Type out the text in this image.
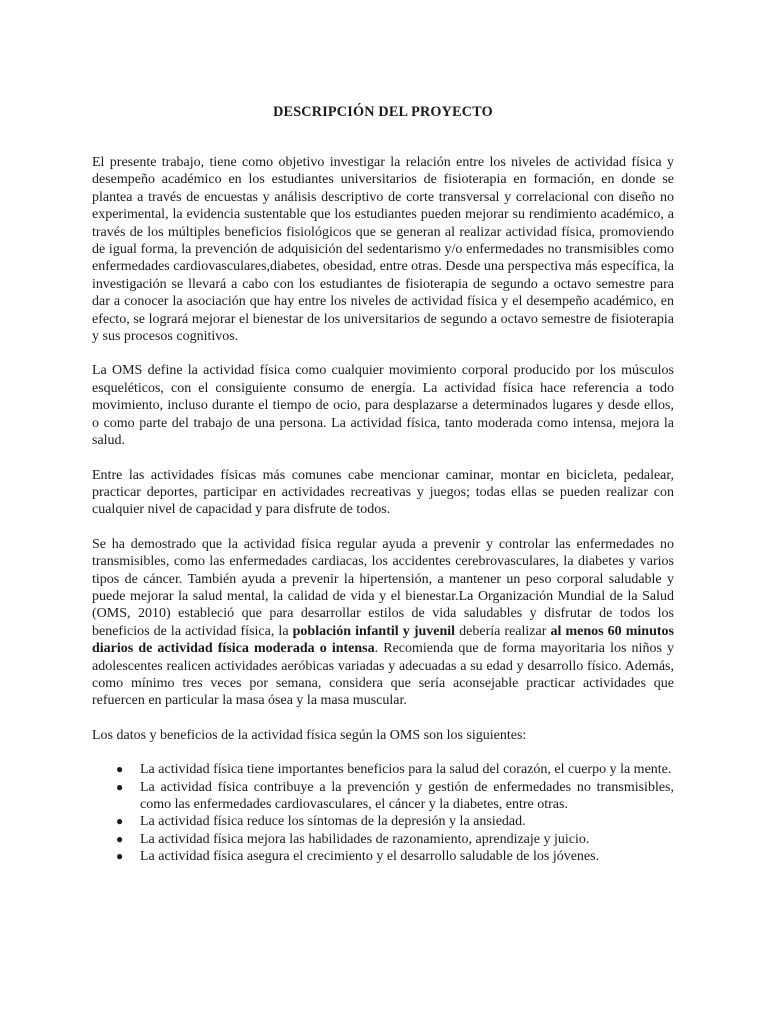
DESCRIPCIÓN DEL PROYECTO

El presente trabajo, tiene como objetivo investigar la relación entre los niveles de actividad física y desempeño académico en los estudiantes universitarios de fisioterapia en formación, en donde se plantea a través de encuestas y análisis descriptivo de corte transversal y correlacional con diseño no experimental, la evidencia sustentable que los estudiantes pueden mejorar su rendimiento académico, a través de los múltiples beneficios fisiológicos que se generan al realizar actividad física, promoviendo de igual forma, la prevención de adquisición del sedentarismo y/o enfermedades no transmisibles como enfermedades cardiovasculares,diabetes, obesidad, entre otras. Desde una perspectiva más específica, la investigación se llevará a cabo con los estudiantes de fisioterapia de segundo a octavo semestre para dar a conocer la asociación que hay entre los niveles de actividad física y el desempeño académico, en efecto, se logrará mejorar el bienestar de los universitarios de segundo a octavo semestre de fisioterapia y sus procesos cognitivos.

La OMS define la actividad física como cualquier movimiento corporal producido por los músculos esqueléticos, con el consiguiente consumo de energía. La actividad física hace referencia a todo movimiento, incluso durante el tiempo de ocio, para desplazarse a determinados lugares y desde ellos, o como parte del trabajo de una persona. La actividad física, tanto moderada como intensa, mejora la salud.

Entre las actividades físicas más comunes cabe mencionar caminar, montar en bicicleta, pedalear, practicar deportes, participar en actividades recreativas y juegos; todas ellas se pueden realizar con cualquier nivel de capacidad y para disfrute de todos.

Se ha demostrado que la actividad física regular ayuda a prevenir y controlar las enfermedades no transmisibles, como las enfermedades cardiacas, los accidentes cerebrovasculares, la diabetes y varios tipos de cáncer. También ayuda a prevenir la hipertensión, a mantener un peso corporal saludable y puede mejorar la salud mental, la calidad de vida y el bienestar.La Organización Mundial de la Salud (OMS, 2010) estableció que para desarrollar estilos de vida saludables y disfrutar de todos los beneficios de la actividad física, la población infantil y juvenil debería realizar al menos 60 minutos diarios de actividad física moderada o intensa. Recomienda que de forma mayoritaria los niños y adolescentes realicen actividades aeróbicas variadas y adecuadas a su edad y desarrollo físico. Además, como mínimo tres veces por semana, considera que sería aconsejable practicar actividades que refuercen en particular la masa ósea y la masa muscular.

Los datos y beneficios de la actividad física según la OMS son los siguientes:

● La actividad física tiene importantes beneficios para la salud del corazón, el cuerpo y la mente.
● La actividad física contribuye a la prevención y gestión de enfermedades no transmisibles, como las enfermedades cardiovasculares, el cáncer y la diabetes, entre otras.
● La actividad física reduce los síntomas de la depresión y la ansiedad.
● La actividad física mejora las habilidades de razonamiento, aprendizaje y juicio.
● La actividad física asegura el crecimiento y el desarrollo saludable de los jóvenes.
